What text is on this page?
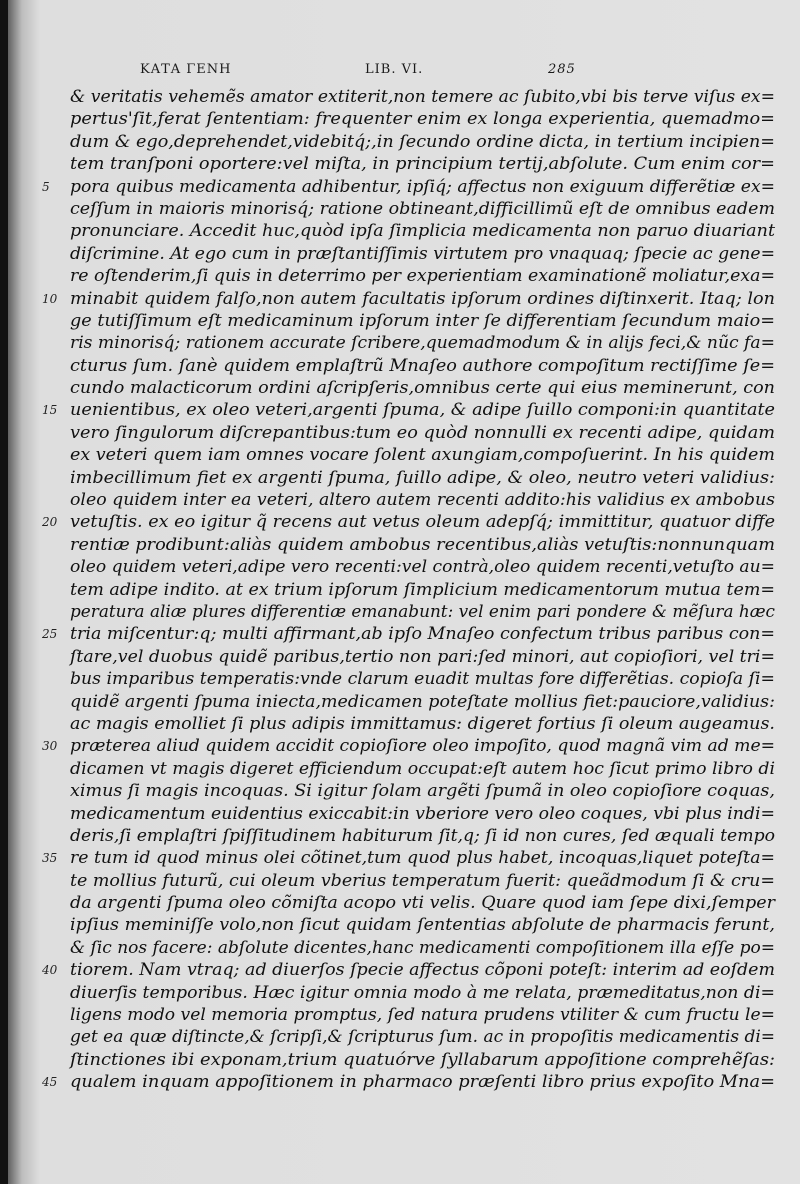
ΚΑΤΑ ΓΕΝΗ	LIB. VI.	285
& veritatis vehemẽs amator extiterit,non temere ac ſubito,vbi bis terve viſus ex=
pertus'ſit,ferat ſententiam: frequenter enim ex longa experientia, quemadmo=
dum & ego,deprehendet,videbitq́;,in ſecundo ordine dicta, in tertium incipien=
tem tranſponi oportere:vel miſta, in principium tertij,abſolute. Cum enim cor=
5	pora quibus medicamenta adhibentur, ipſiq́; affectus non exiguum differẽtiæ ex=
ceſſum in maioris minorisq́; ratione obtineant,difficillimũ eſt de omnibus eadem
pronunciare. Accedit huc,quòd ipſa ſimplicia medicamenta non paruo diuariant
diſcrimine. At ego cum in præſtantiſſimis virtutem pro vnaquaq; ſpecie ac gene=
re oſtenderim,ſi quis in deterrimo per experientiam examinationẽ moliatur,exa=
10 minabit quidem falſo,non autem facultatis ipſorum ordines diſtinxerit. Itaq; lon
ge tutiſſimum eſt medicaminum ipſorum inter ſe differentiam ſecundum maio=
ris minorisq́; rationem accurate ſcribere,quemadmodum & in alijs feci,& nũc fa=
cturus ſum. ſanè quidem emplaſtrũ Mnaſeo authore compoſitum rectiſſime ſe=
cundo malacticorum ordini aſcripſeris,omnibus certe qui eius meminerunt, con
15 uenientibus, ex oleo veteri,argenti ſpuma, & adipe ſuillo componi:in quantitate
vero ſingulorum diſcrepantibus:tum eo quòd nonnulli ex recenti adipe, quidam
ex veteri quem iam omnes vocare ſolent axungiam,compoſuerint. In his quidem
imbecillimum fiet ex argenti ſpuma, ſuillo adipe, & oleo, neutro veteri validius:
oleo quidem inter ea veteri, altero autem recenti addito:his validius ex ambobus
20 vetuſtis. ex eo igitur q̃ recens aut vetus oleum adepſq́; immittitur, quatuor diffe
rentiæ prodibunt:aliàs quidem ambobus recentibus,aliàs vetuſtis:nonnunquam
oleo quidem veteri,adipe vero recenti:vel contrà,oleo quidem recenti,vetuſto au=
tem adipe indito. at ex trium ipſorum ſimplicium medicamentorum mutua tem=
peratura aliæ plures differentiæ emanabunt: vel enim pari pondere & mẽſura hæc
25 tria miſcentur:q; multi affirmant,ab ipſo Mnaſeo confectum tribus paribus con=
ſtare,vel duobus quidẽ paribus,tertio non pari:ſed minori, aut copioſiori, vel tri=
bus imparibus temperatis:vnde clarum euadit multas fore differẽtias. copioſa ſi=
quidẽ argenti ſpuma iniecta,medicamen poteſtate mollius fiet:pauciore,validius:
ac magis emolliet ſi plus adipis immittamus: digeret fortius ſi oleum augeamus.
30 præterea aliud quidem accidit copioſiore oleo impoſito, quod magnã vim ad me=
dicamen vt magis digeret efficiendum occupat:eſt autem hoc ſicut primo libro di
ximus ſi magis incoquas. Si igitur ſolam argẽti ſpumã in oleo copioſiore coquas,
medicamentum euidentius exiccabit:in vberiore vero oleo coques, vbi plus indi=
deris,ſi emplaſtri ſpiſſitudinem habiturum ſit,q; ſi id non cures, ſed æquali tempo
35 re tum id quod minus olei cõtinet,tum quod plus habet, incoquas,liquet poteſta=
te mollius futurũ, cui oleum vberius temperatum fuerit: queãdmodum ſi & cru=
da argenti ſpuma oleo cõmiſta acopo vti velis. Quare quod iam ſepe dixi,ſemper
ipſius meminiſſe volo,non ſicut quidam ſententias abſolute de pharmacis ferunt,
& ſic nos facere: abſolute dicentes,hanc medicamenti compoſitionem illa eſſe po=
40 tiorem. Nam vtraq; ad diuerſos ſpecie affectus cõponi poteſt: interim ad eoſdem
diuerſis temporibus. Hæc igitur omnia modo à me relata, præmeditatus,non di=
ligens modo vel memoria promptus, ſed natura prudens vtiliter & cum fructu le=
get ea quæ diſtincte,& ſcripſi,& ſcripturus ſum. ac in propoſitis medicamentis di=
ſtinctiones ibi exponam,trium quatuórve ſyllabarum appoſitione comprehẽſas:
45 qualem inquam appoſitionem in pharmaco præſenti libro prius expoſito Mna=
